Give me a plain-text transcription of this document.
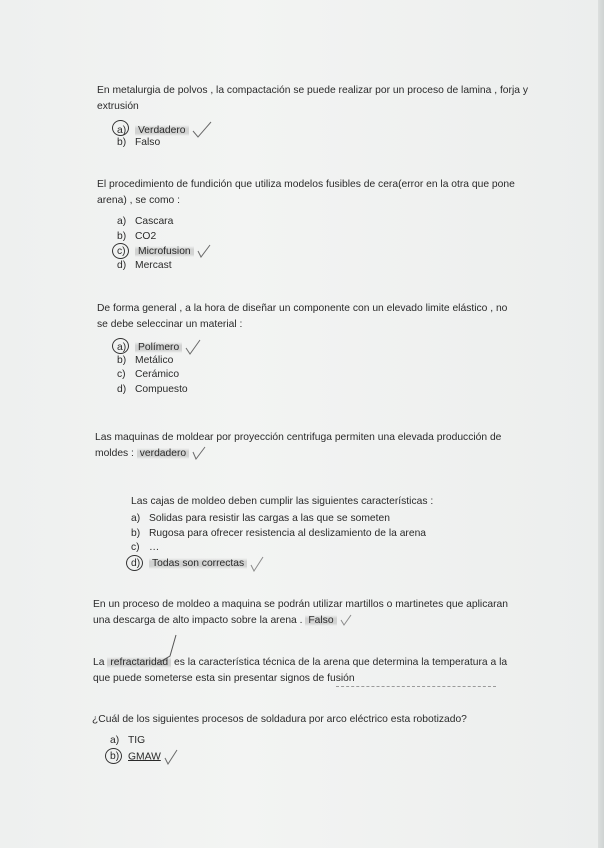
En metalurgia de polvos , la compactación se puede realizar por un proceso de lamina , forja y extrusión
a) Verdadero
b) Falso
El procedimiento de fundición que utiliza modelos fusibles de cera(error en la otra que pone arena) , se como :
a) Cascara
b) CO2
c) Microfusion
d) Mercast
De forma general , a la hora de diseñar un componente con un elevado limite elástico , no se debe seleccinar un material :
a) Polímero
b) Metálico
c) Cerámico
d) Compuesto
Las maquinas de moldear por proyección centrifuga permiten una elevada producción de moldes : verdadero
Las cajas de moldeo deben cumplir las siguientes características :
a) Solidas para resistir las cargas a las que se someten
b) Rugosa para ofrecer resistencia al deslizamiento de la arena
c) …
d) Todas son correctas
En un proceso de moldeo a maquina se podrán utilizar martillos o martinetes que aplicaran una descarga de alto impacto sobre la arena . Falso
La refractaridad es la característica técnica de la arena que determina la temperatura a la que puede someterse esta sin presentar signos de fusión
¿Cuál de los siguientes procesos de soldadura por arco eléctrico esta robotizado?
a) TIG
b) GMAW
